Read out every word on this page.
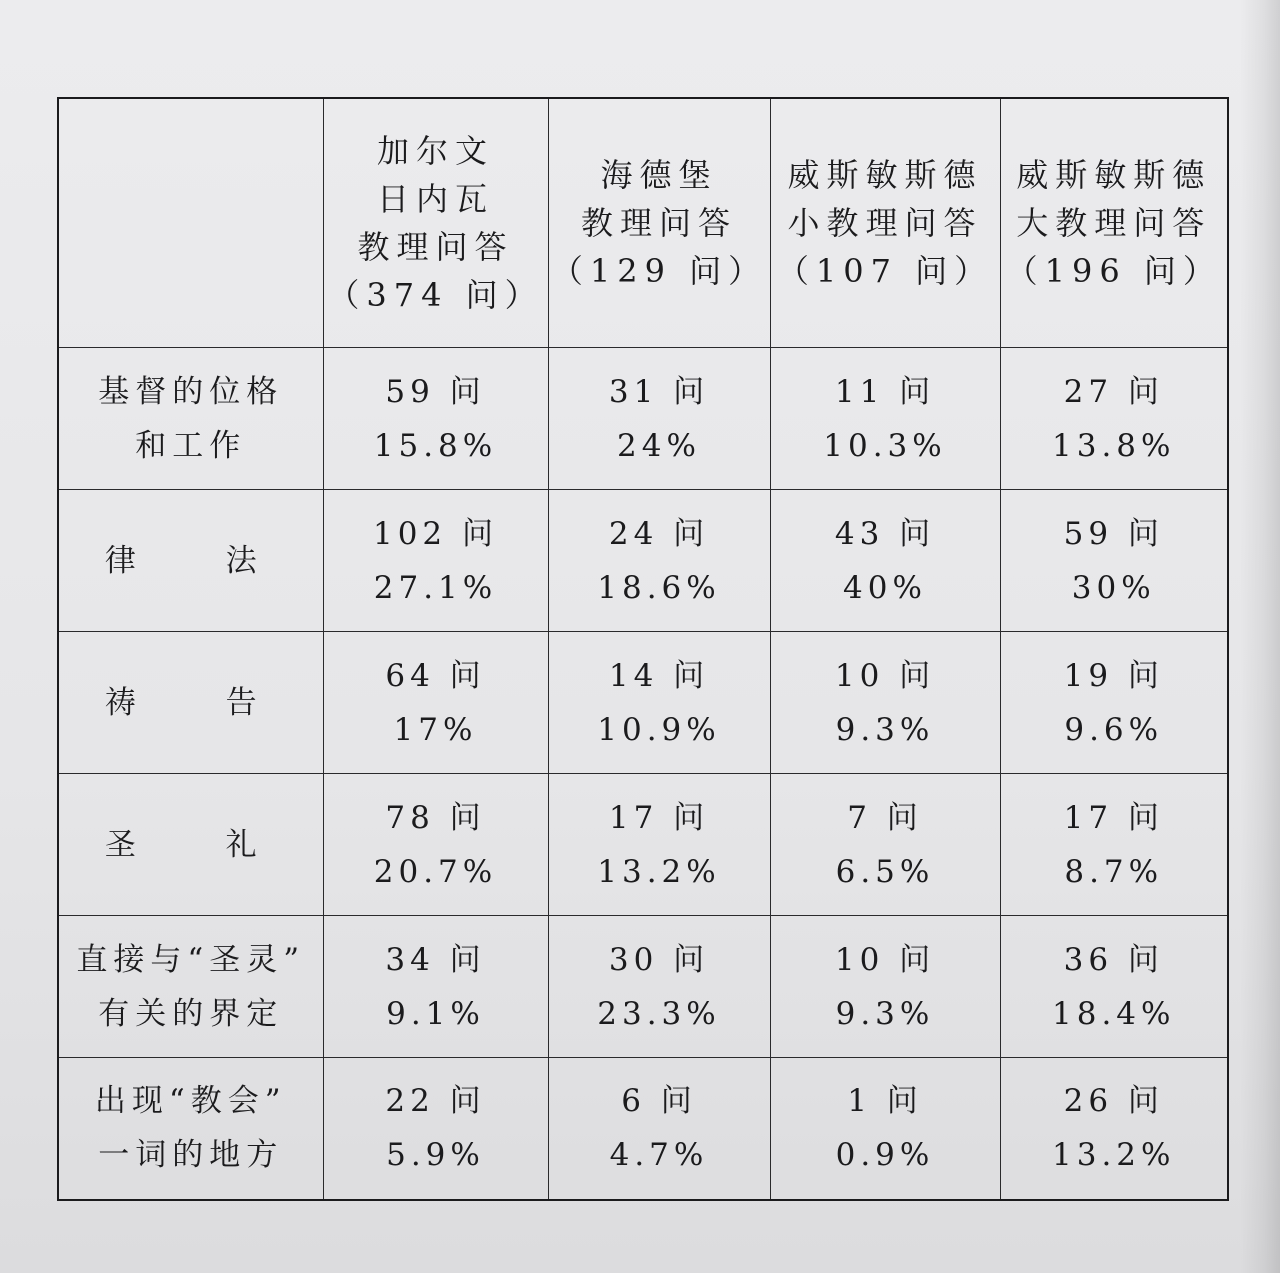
	加尔文
日内瓦
教理问答
（374 问）	海德堡
教理问答
（129 问）	威斯敏斯德
小教理问答
（107 问）	威斯敏斯德
大教理问答
（196 问）

基督的位格
和工作	59 问
15.8%	31 问
24%	11 问
10.3%	27 问
13.8%

律 法	102 问
27.1%	24 问
18.6%	43 问
40%	59 问
30%

祷 告	64 问
17%	14 问
10.9%	10 问
9.3%	19 问
9.6%

圣 礼	78 问
20.7%	17 问
13.2%	7 问
6.5%	17 问
8.7%

直接与“圣灵”
有关的界定	34 问
9.1%	30 问
23.3%	10 问
9.3%	36 问
18.4%

出现“教会”
一词的地方	22 问
5.9%	6 问
4.7%	1 问
0.9%	26 问
13.2%
